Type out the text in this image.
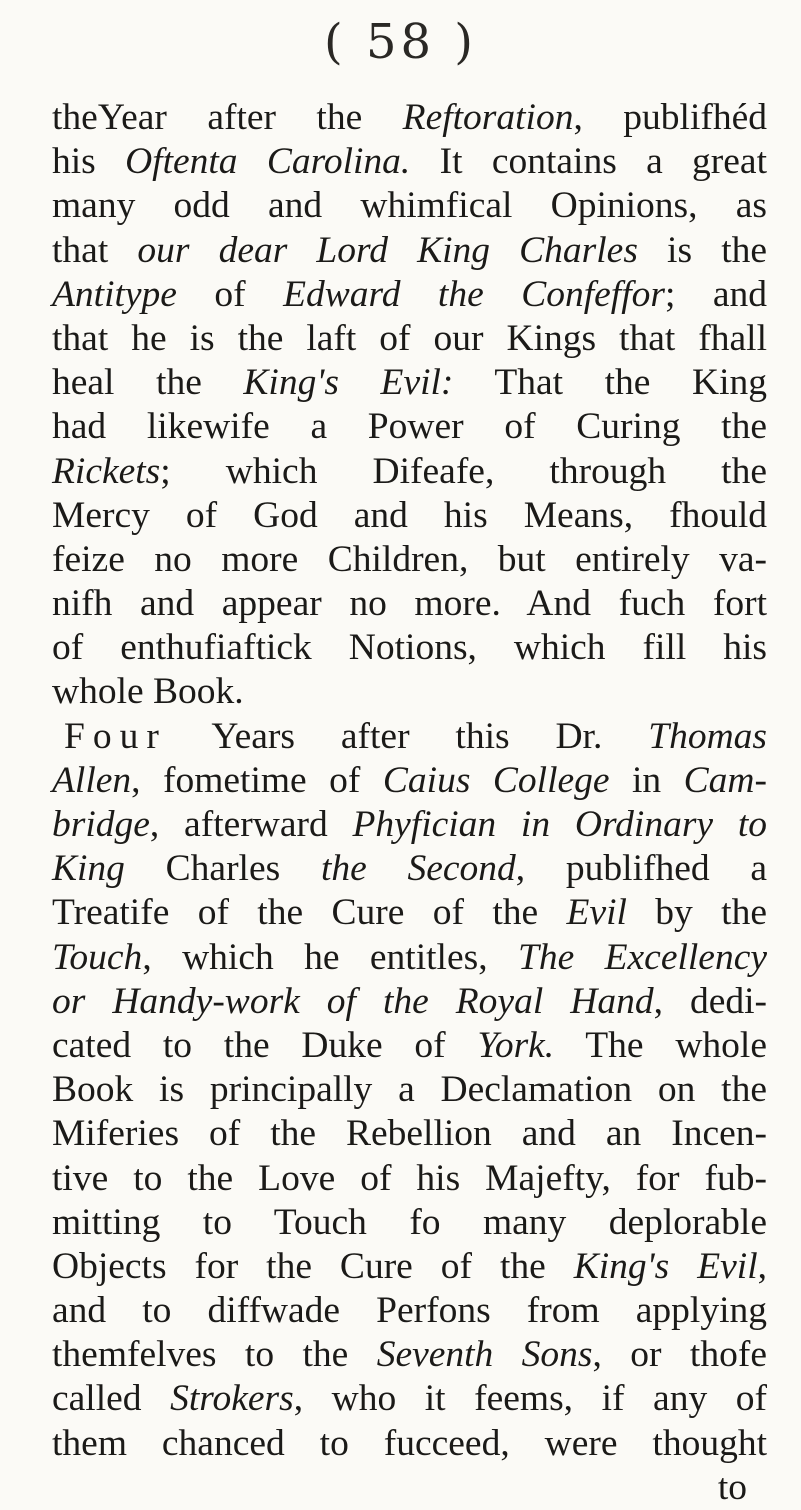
( 58 )
theYear after the Reftoration, publifhéd
his Oftenta Carolina. It contains a great
many odd and whimfical Opinions, as
that our dear Lord King Charles is the
Antitype of Edward the Confeffor; and
that he is the laft of our Kings that fhall
heal the King's Evil: That the King
had likewife a Power of Curing the
Rickets; which Difeafe, through the
Mercy of God and his Means, fhould
feize no more Children, but entirely va-
nifh and appear no more. And fuch fort
of enthufiaftick Notions, which fill his
whole Book.
Four Years after this Dr. Thomas
Allen, fometime of Caius College in Cam-
bridge, afterward Phyfician in Ordinary to
King Charles the Second, publifhed a
Treatife of the Cure of the Evil by the
Touch, which he entitles, The Excellency
or Handy-work of the Royal Hand, dedi-
cated to the Duke of York. The whole
Book is principally a Declamation on the
Miferies of the Rebellion and an Incen-
tive to the Love of his Majefty, for fub-
mitting to Touch fo many deplorable
Objects for the Cure of the King's Evil,
and to diffwade Perfons from applying
themfelves to the Seventh Sons, or thofe
called Strokers, who it feems, if any of
them chanced to fucceed, were thought
to
